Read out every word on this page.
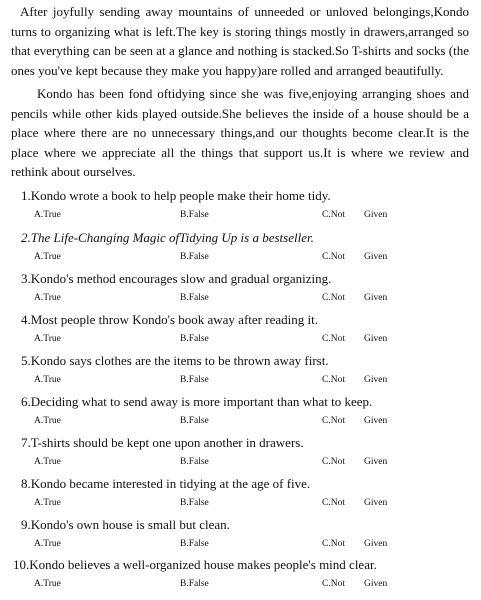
After joyfully sending away mountains of unneeded or unloved belongings,Kondo turns to organizing what is left.The key is storing things mostly in drawers,arranged so that everything can be seen at a glance and nothing is stacked.So T-shirts and socks (the ones you've kept because they make you happy)are rolled and arranged beautifully.
Kondo has been fond oftidying since she was five,enjoying arranging shoes and pencils while other kids played outside.She believes the inside of a house should be a place where there are no unnecessary things,and our thoughts become clear.It is the place where we appreciate all the things that support us.It is where we review and rethink about ourselves.
1.Kondo wrote a book to help people make their home tidy.
A.True	B.False	C.Not Given
2.The Life-Changing Magic ofTidying Up is a bestseller.
A.True	B.False	C.Not Given
3.Kondo's method encourages slow and gradual organizing.
A.True	B.False	C.Not Given
4.Most people throw Kondo's book away after reading it.
A.True	B.False	C.Not Given
5.Kondo says clothes are the items to be thrown away first.
A.True	B.False	C.Not Given
6.Deciding what to send away is more important than what to keep.
A.True	B.False	C.Not Given
7.T-shirts should be kept one upon another in drawers.
A.True	B.False	C.Not Given
8.Kondo became interested in tidying at the age of five.
A.True	B.False	C.Not Given
9.Kondo's own house is small but clean.
A.True	B.False	C.Not Given
10.Kondo believes a well-organized house makes people's mind clear.
A.True	B.False	C.Not Given
